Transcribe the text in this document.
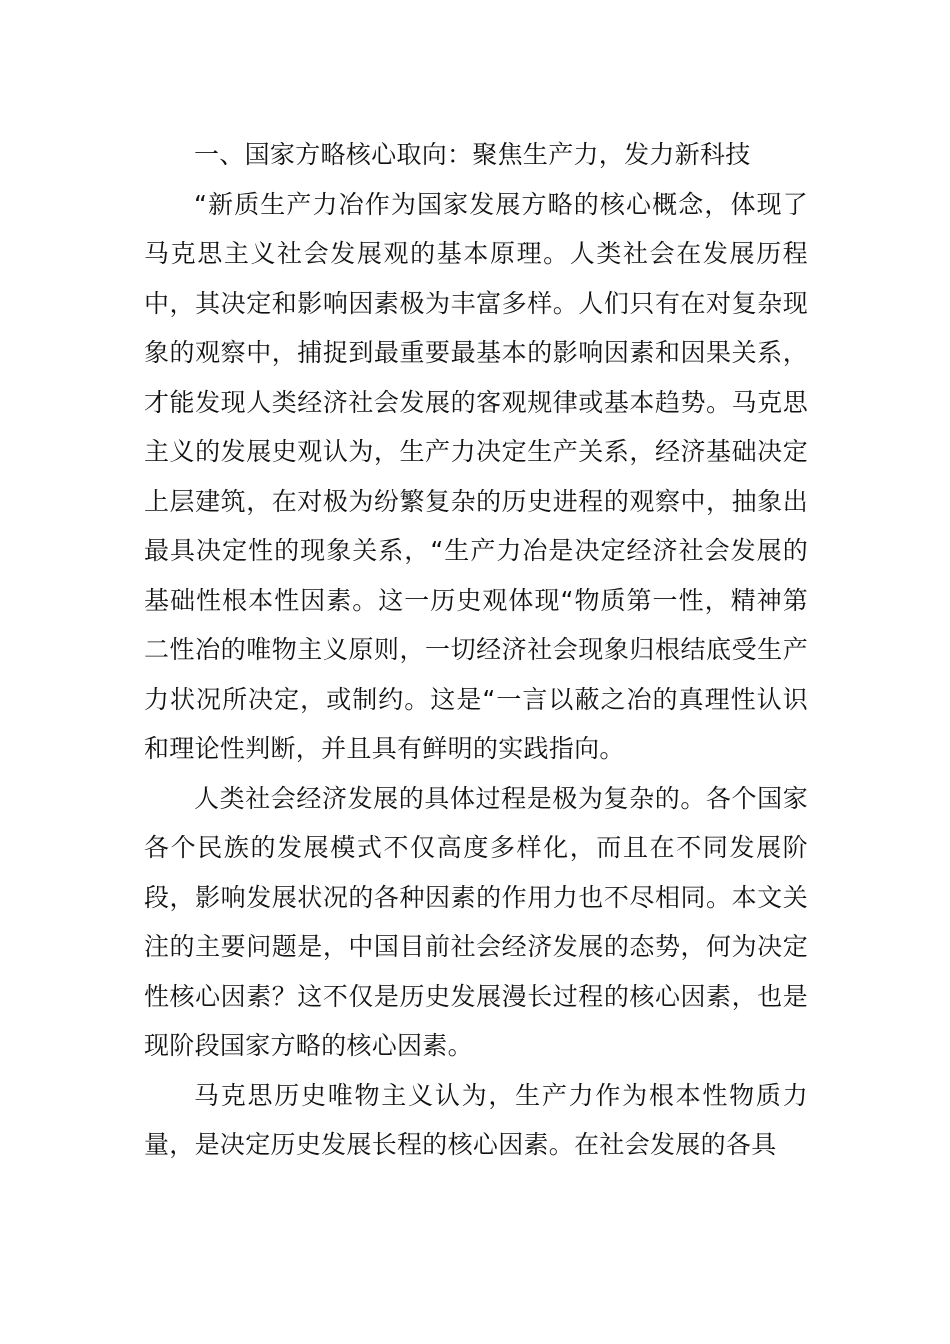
一、国家方略核心取向：聚焦生产力，发力新科技

“新质生产力冶作为国家发展方略的核心概念，体现了马克思主义社会发展观的基本原理。人类社会在发展历程中，其决定和影响因素极为丰富多样。人们只有在对复杂现象的观察中，捕捉到最重要最基本的影响因素和因果关系，才能发现人类经济社会发展的客观规律或基本趋势。马克思主义的发展史观认为，生产力决定生产关系，经济基础决定上层建筑，在对极为纷繁复杂的历史进程的观察中，抽象出最具决定性的现象关系，“生产力冶是决定经济社会发展的基础性根本性因素。这一历史观体现“物质第一性，精神第二性冶的唯物主义原则，一切经济社会现象归根结底受生产力状况所决定，或制约。这是“一言以蔽之冶的真理性认识和理论性判断，并且具有鲜明的实践指向。

人类社会经济发展的具体过程是极为复杂的。各个国家各个民族的发展模式不仅高度多样化，而且在不同发展阶段，影响发展状况的各种因素的作用力也不尽相同。本文关注的主要问题是，中国目前社会经济发展的态势，何为决定性核心因素？这不仅是历史发展漫长过程的核心因素，也是现阶段国家方略的核心因素。

马克思历史唯物主义认为，生产力作为根本性物质力量，是决定历史发展长程的核心因素。在社会发展的各具
